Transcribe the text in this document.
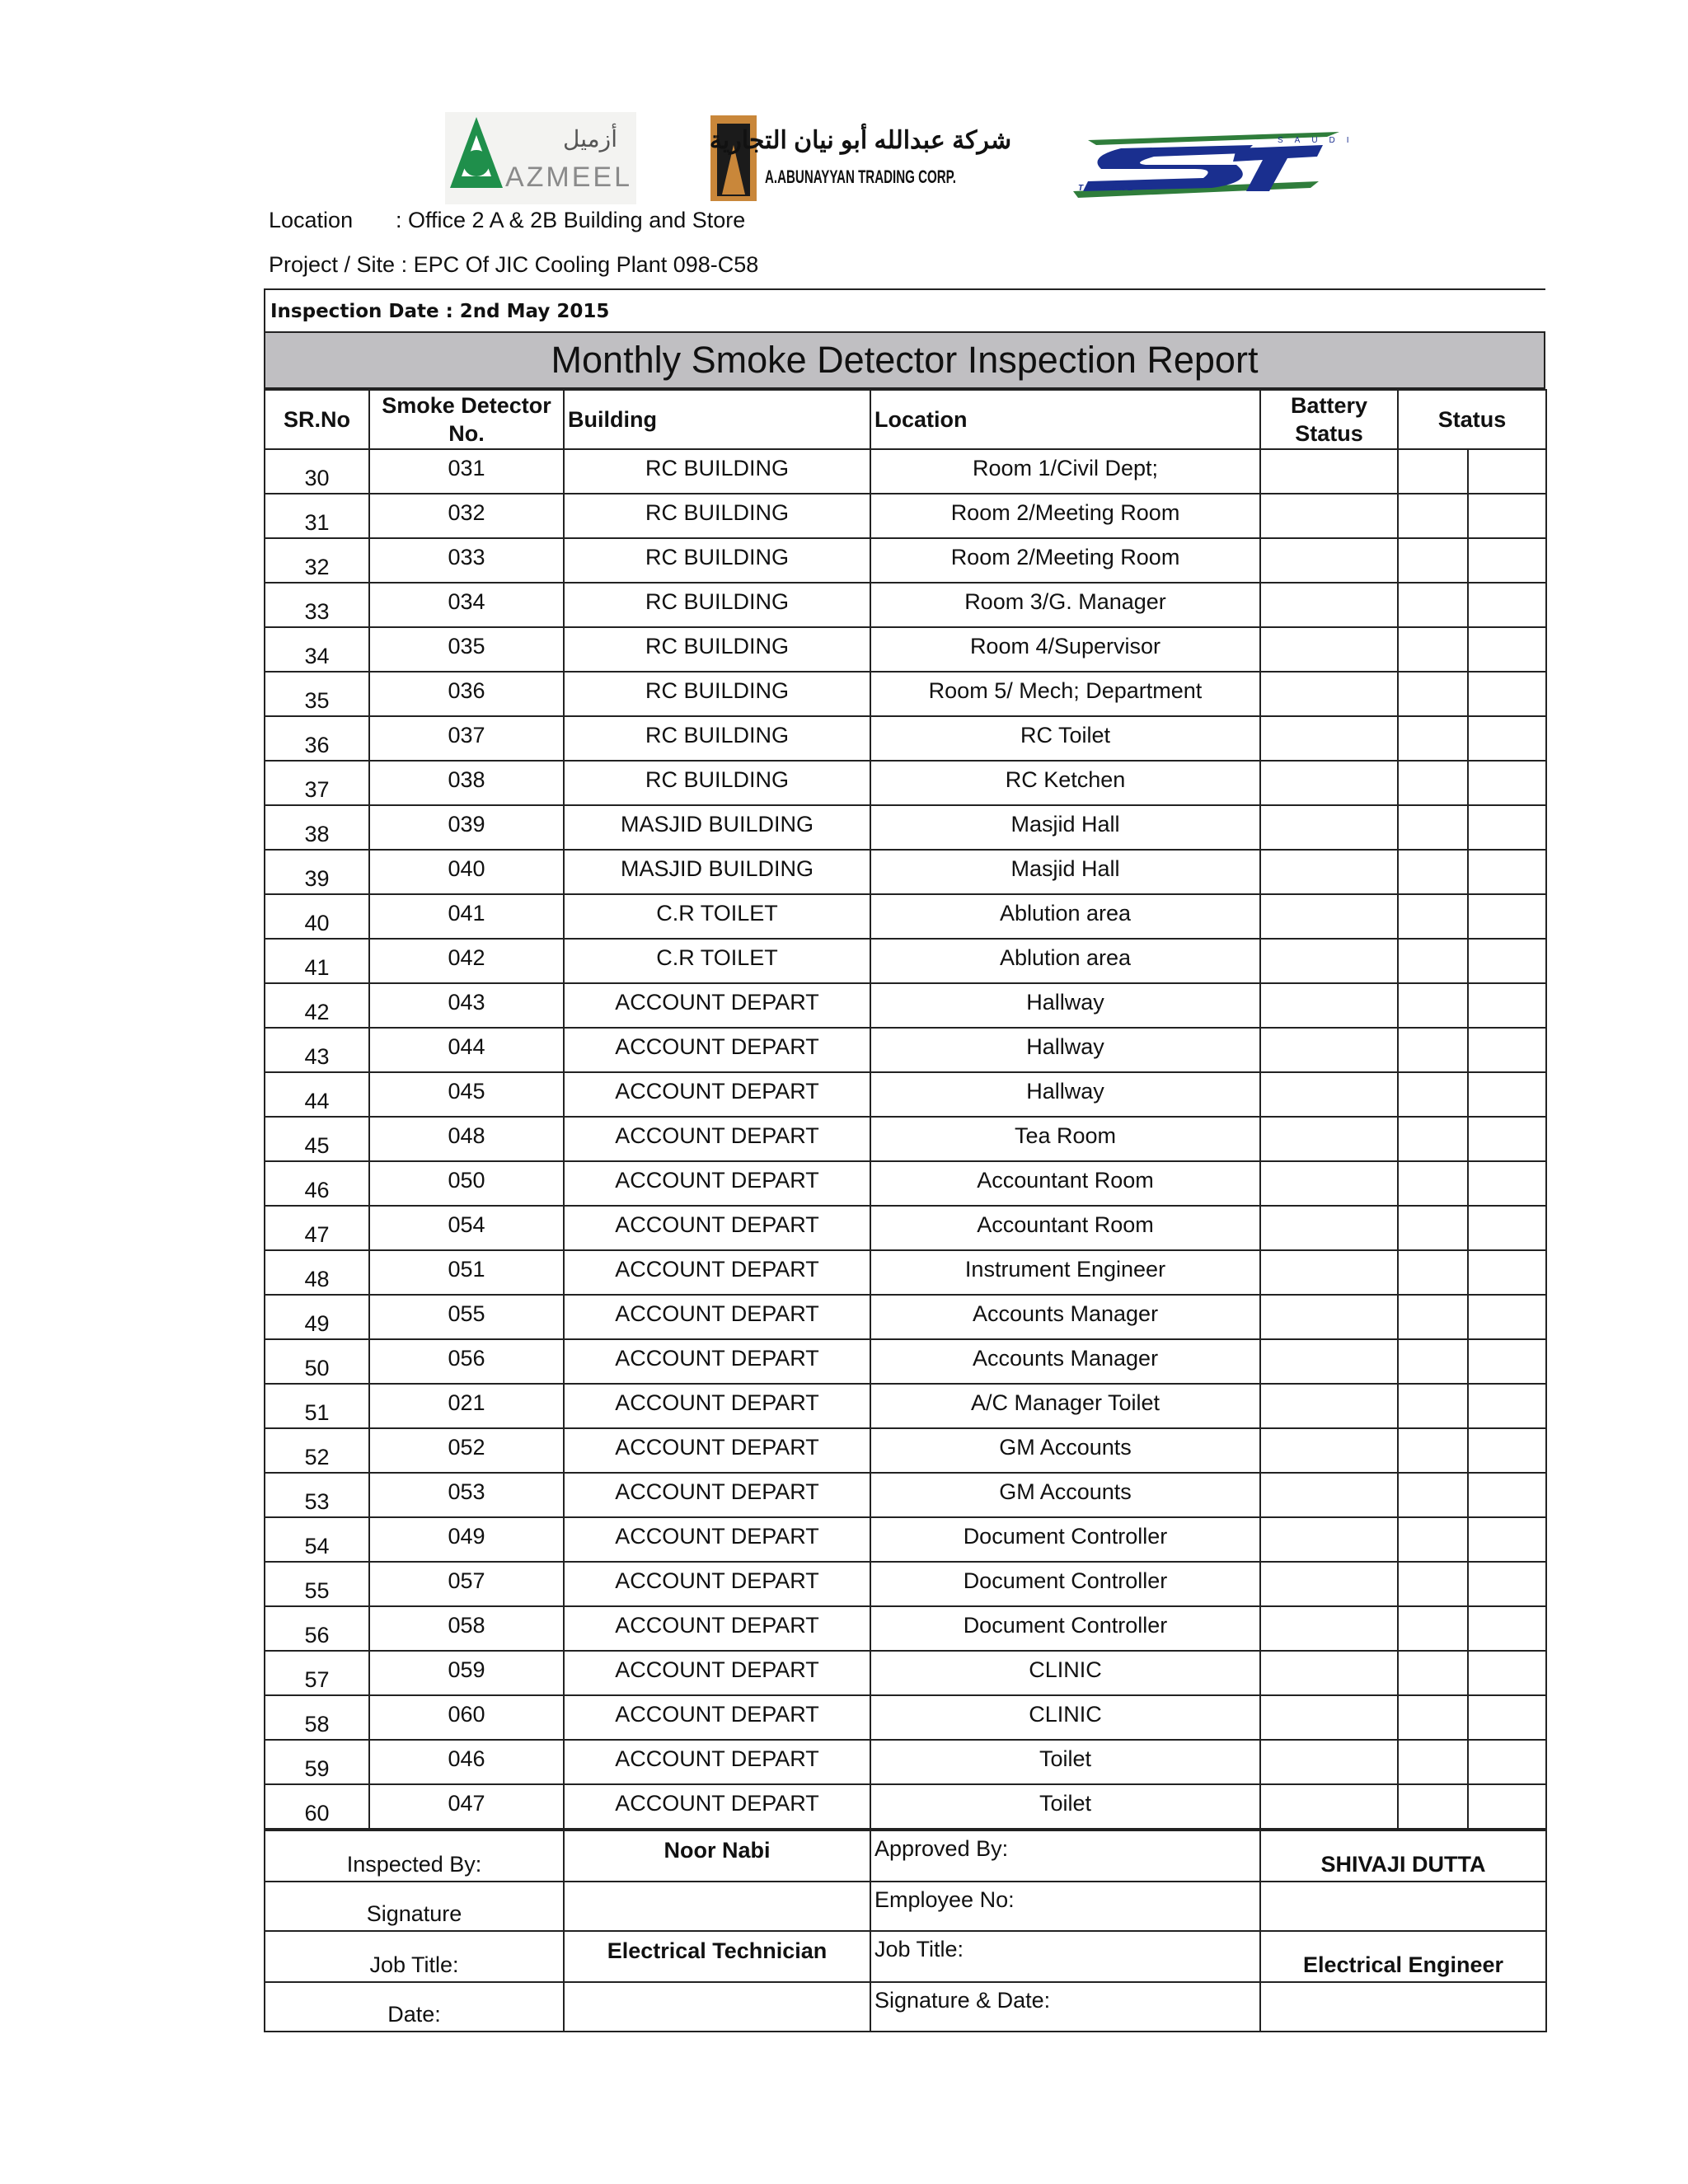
أزميل
AZMEEL
شركة عبدالله أبو نيان التجارية
A.ABUNAYYAN TRADING CORP.
SAUDI
TUMPANE
ST
Location : Office 2 A & 2B Building and Store
Project / Site : EPC Of JIC Cooling Plant 098-C58
Inspection Date : 2nd May 2015
Monthly Smoke Detector Inspection Report
SR.No	Smoke Detector No.	Building	Location	Battery Status	Status	
30	031	RC BUILDING	Room 1/Civil Dept;			
31	032	RC BUILDING	Room 2/Meeting Room			
32	033	RC BUILDING	Room 2/Meeting Room			
33	034	RC BUILDING	Room 3/G. Manager			
34	035	RC BUILDING	Room 4/Supervisor			
35	036	RC BUILDING	Room 5/ Mech; Department			
36	037	RC BUILDING	RC Toilet			
37	038	RC BUILDING	RC Ketchen			
38	039	MASJID BUILDING	Masjid Hall			
39	040	MASJID BUILDING	Masjid Hall			
40	041	C.R TOILET	Ablution area			
41	042	C.R TOILET	Ablution area			
42	043	ACCOUNT DEPART	Hallway			
43	044	ACCOUNT DEPART	Hallway			
44	045	ACCOUNT DEPART	Hallway			
45	048	ACCOUNT DEPART	Tea Room			
46	050	ACCOUNT DEPART	Accountant Room			
47	054	ACCOUNT DEPART	Accountant Room			
48	051	ACCOUNT DEPART	Instrument Engineer			
49	055	ACCOUNT DEPART	Accounts Manager			
50	056	ACCOUNT DEPART	Accounts Manager			
51	021	ACCOUNT DEPART	A/C Manager Toilet			
52	052	ACCOUNT DEPART	GM Accounts			
53	053	ACCOUNT DEPART	GM Accounts			
54	049	ACCOUNT DEPART	Document Controller			
55	057	ACCOUNT DEPART	Document Controller			
56	058	ACCOUNT DEPART	Document Controller			
57	059	ACCOUNT DEPART	CLINIC			
58	060	ACCOUNT DEPART	CLINIC			
59	046	ACCOUNT DEPART	Toilet			
60	047	ACCOUNT DEPART	Toilet			
Inspected By:	Noor Nabi	Approved By:	SHIVAJI DUTTA
Signature		Employee No:	
Job Title:	Electrical Technician	Job Title:	Electrical Engineer
Date:		Signature & Date:	
